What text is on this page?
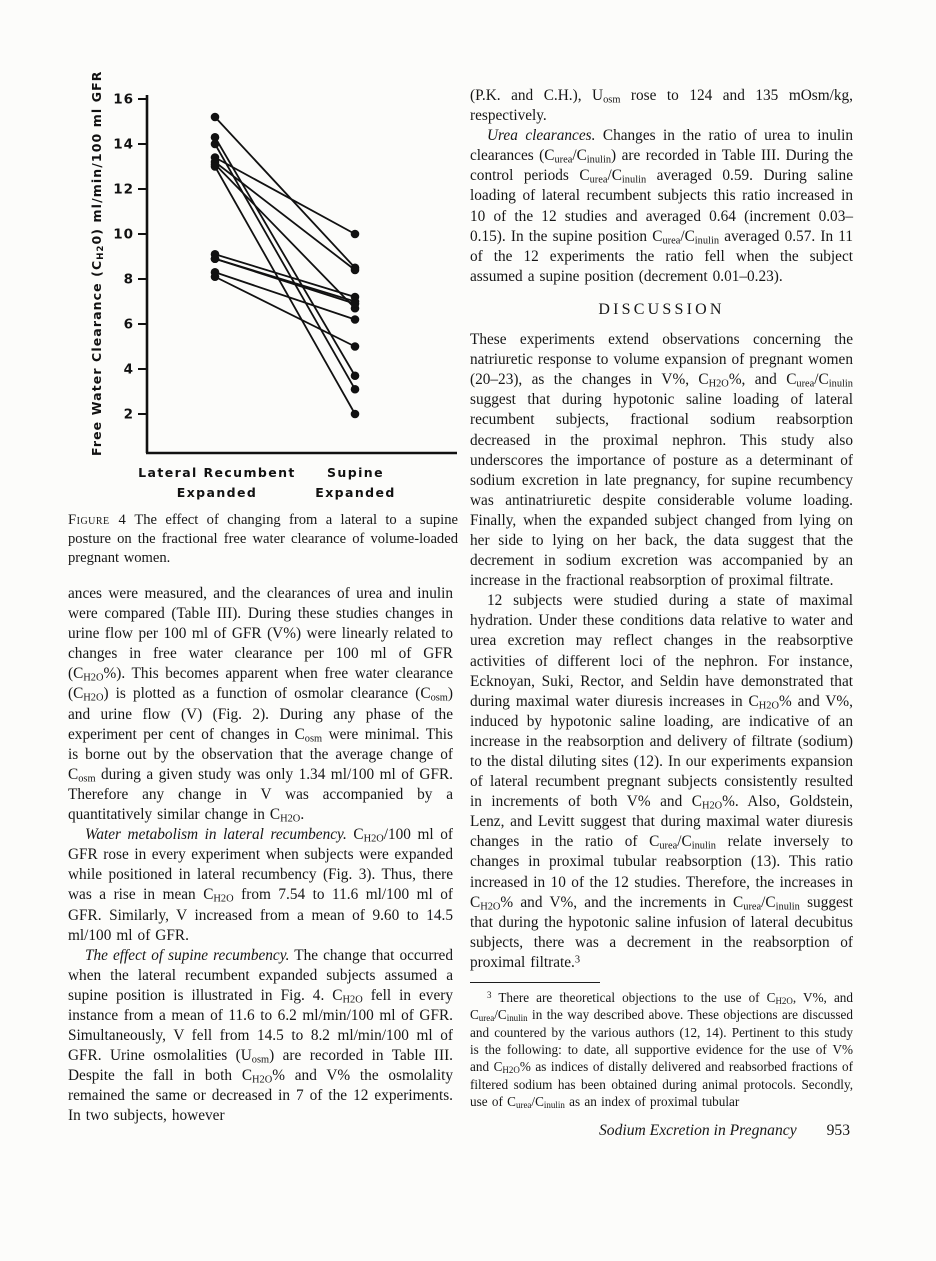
16
14
12
10
8
6
4
2
Free Water Clearance $(C_{H2}0)$ ml/min/100 ml GFR
Lateral Recumbent
Expanded
Supine
Expanded
Figure 4 The effect of changing from a lateral to a supine posture on the fractional free water clearance of volume-loaded pregnant women.

ances were measured, and the clearances of urea and inulin were compared (Table III). During these studies changes in urine flow per 100 ml of GFR (V%) were linearly related to changes in free water clearance per 100 ml of GFR $(C_{H2O}\%)$. This becomes apparent when free water clearance $(C_{H2O})$ is plotted as a function of osmolar clearance $(C_{osm})$ and urine flow (V) (Fig. 2). During any phase of the experiment per cent of changes in $C_{osm}$ were minimal. This is borne out by the observation that the average change of $C_{osm}$ during a given study was only 1.34 ml/100 ml of GFR. Therefore any change in V was accompanied by a quantitatively similar change in $C_{H2O}$.

Water metabolism in lateral recumbency. $C_{H2O}/100$ ml of GFR rose in every experiment when subjects were expanded while positioned in lateral recumbency (Fig. 3). Thus, there was a rise in mean $C_{H2O}$ from 7.54 to 11.6 ml/100 ml of GFR. Similarly, V increased from a mean of 9.60 to 14.5 ml/100 ml of GFR.

The effect of supine recumbency. The change that occurred when the lateral recumbent expanded subjects assumed a supine position is illustrated in Fig. 4. $C_{H2O}$ fell in every instance from a mean of 11.6 to 6.2 ml/min/100 ml of GFR. Simultaneously, V fell from 14.5 to 8.2 ml/min/100 ml of GFR. Urine osmolalities $(U_{osm})$ are recorded in Table III. Despite the fall in both $C_{H2O}\%$ and V% the osmolality remained the same or decreased in 7 of the 12 experiments. In two subjects, however

(P.K. and C.H.), $U_{osm}$ rose to 124 and 135 mOsm/kg, respectively.

Urea clearances. Changes in the ratio of urea to inulin clearances $(C_{urea}/C_{inulin})$ are recorded in Table III. During the control periods $C_{urea}/C_{inulin}$ averaged 0.59. During saline loading of lateral recumbent subjects this ratio increased in 10 of the 12 studies and averaged 0.64 (increment 0.03–0.15). In the supine position $C_{urea}/C_{inulin}$ averaged 0.57. In 11 of the 12 experiments the ratio fell when the subject assumed a supine position (decrement 0.01–0.23).

DISCUSSION

These experiments extend observations concerning the natriuretic response to volume expansion of pregnant women (20–23), as the changes in V%, $C_{H2O}\%$, and $C_{urea}/C_{inulin}$ suggest that during hypotonic saline loading of lateral recumbent subjects, fractional sodium reabsorption decreased in the proximal nephron. This study also underscores the importance of posture as a determinant of sodium excretion in late pregnancy, for supine recumbency was antinatriuretic despite considerable volume loading. Finally, when the expanded subject changed from lying on her side to lying on her back, the data suggest that the decrement in sodium excretion was accompanied by an increase in the fractional reabsorption of proximal filtrate.

12 subjects were studied during a state of maximal hydration. Under these conditions data relative to water and urea excretion may reflect changes in the reabsorptive activities of different loci of the nephron. For instance, Ecknoyan, Suki, Rector, and Seldin have demonstrated that during maximal water diuresis increases in $C_{H2O}\%$ and V%, induced by hypotonic saline loading, are indicative of an increase in the reabsorption and delivery of filtrate (sodium) to the distal diluting sites (12). In our experiments expansion of lateral recumbent pregnant subjects consistently resulted in increments of both V% and $C_{H2O}\%$. Also, Goldstein, Lenz, and Levitt suggest that during maximal water diuresis changes in the ratio of $C_{urea}/C_{inulin}$ relate inversely to changes in proximal tubular reabsorption (13). This ratio increased in 10 of the 12 studies. Therefore, the increases in $C_{H2O}\%$ and V%, and the increments in $C_{urea}/C_{inulin}$ suggest that during the hypotonic saline infusion of lateral decubitus subjects, there was a decrement in the reabsorption of proximal filtrate.$^3$

$^3$ There are theoretical objections to the use of $C_{H2O}$, V%, and $C_{urea}/C_{inulin}$ in the way described above. These objections are discussed and countered by the various authors (12, 14). Pertinent to this study is the following: to date, all supportive evidence for the use of V% and $C_{H2O}\%$ as indices of distally delivered and reabsorbed fractions of filtered sodium has been obtained during animal protocols. Secondly, use of $C_{urea}/C_{inulin}$ as an index of proximal tubular

Sodium Excretion in Pregnancy 953
